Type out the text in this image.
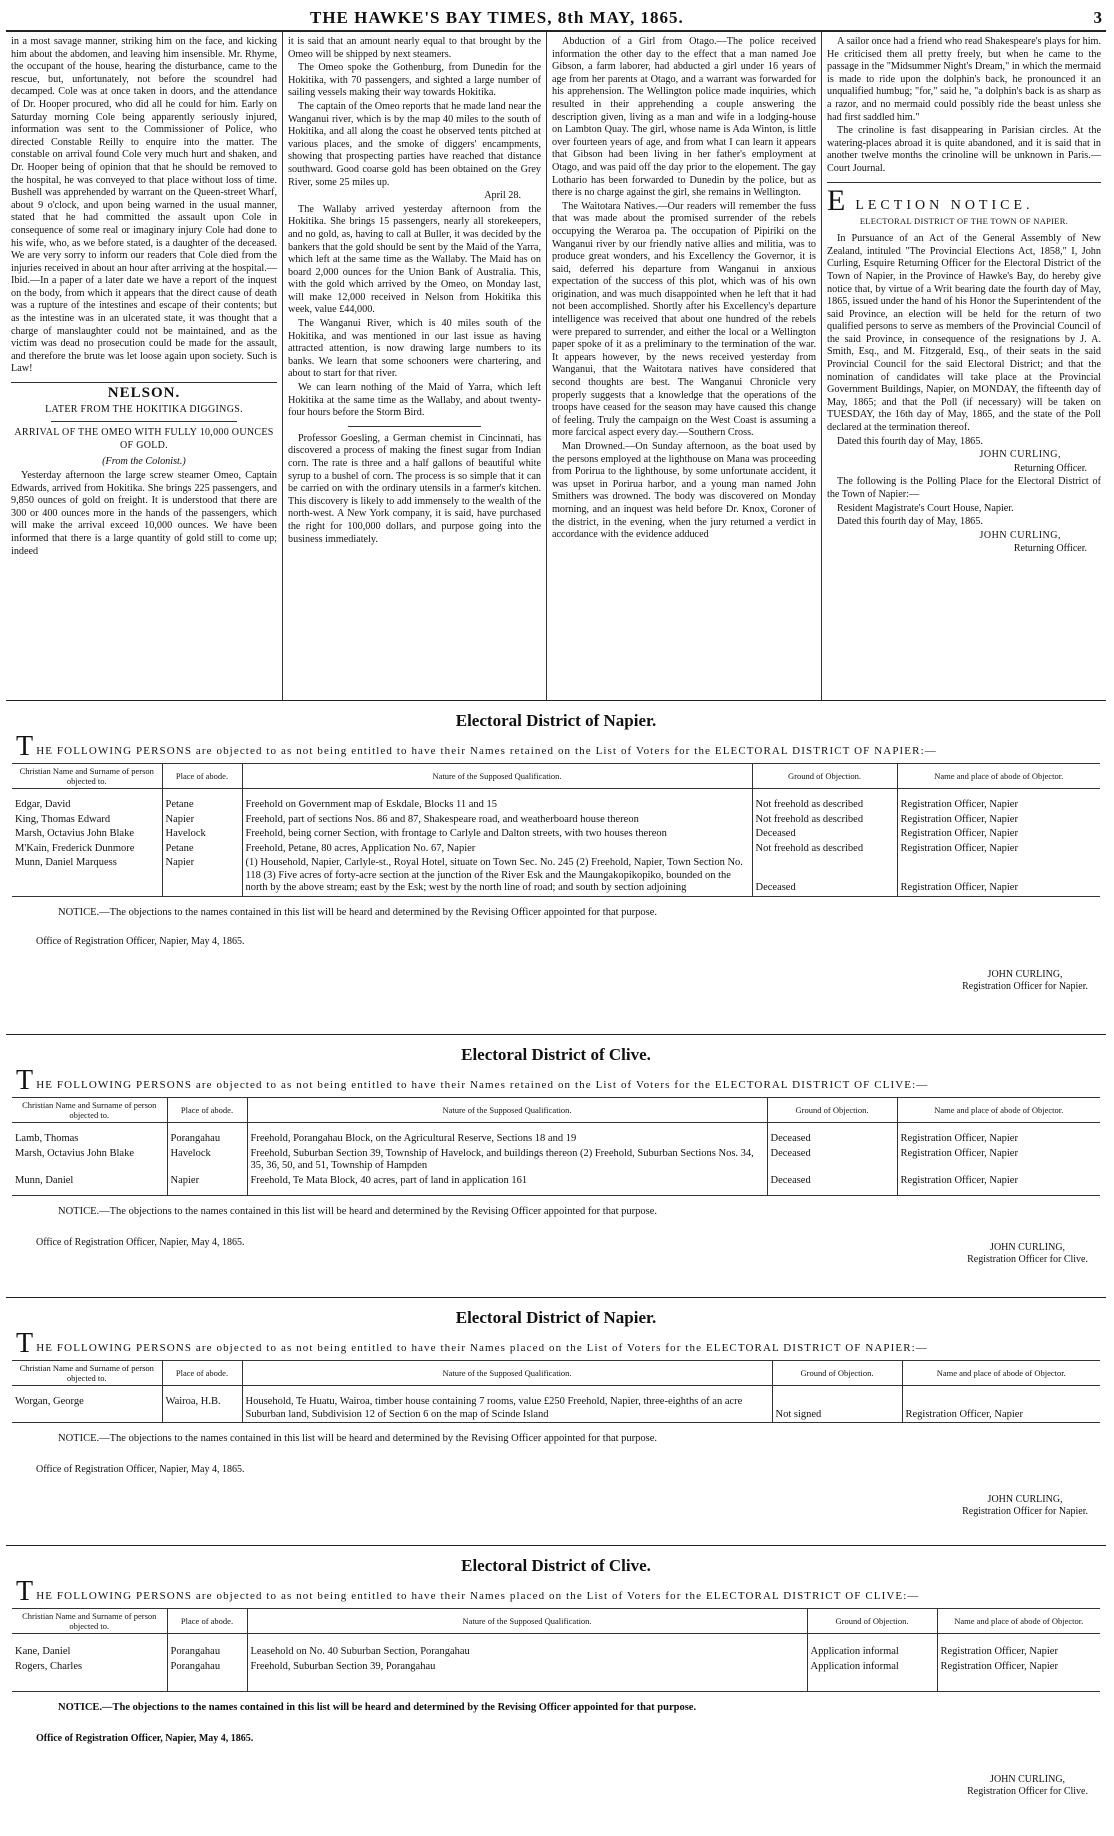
THE HAWKE'S BAY TIMES, 8th MAY, 1865.	3

in a most savage manner, striking him on the face, and kicking him about the abdomen, and leaving him insensible. Mr. Rhyme, the occupant of the house, hearing the disturbance, came to the rescue, but, unfortunately, not before the scoundrel had decamped. Cole was at once taken in doors, and the attendance of Dr. Hooper procured, who did all he could for him. Early on Saturday morning Cole being apparently seriously injured, information was sent to the Commissioner of Police, who directed Constable Reilly to enquire into the matter. The constable on arrival found Cole very much hurt and shaken, and Dr. Hooper being of opinion that that he should be removed to the hospital, he was conveyed to that place without loss of time. Bushell was apprehended by warrant on the Queen-street Wharf, about 9 o'clock, and upon being warned in the usual manner, stated that he had committed the assault upon Cole in consequence of some real or imaginary injury Cole had done to his wife, who, as we before stated, is a daughter of the deceased. We are very sorry to inform our readers that Cole died from the injuries received in about an hour after arriving at the hospital.—Ibid.—In a paper of a later date we have a report of the inquest on the body, from which it appears that the direct cause of death was a rupture of the intestines and escape of their contents; but as the intestine was in an ulcerated state, it was thought that a charge of manslaughter could not be maintained, and as the victim was dead no prosecution could be made for the assault, and therefore the brute was let loose again upon society. Such is Law!

NELSON.
LATER FROM THE HOKITIKA DIGGINGS.
ARRIVAL OF THE OMEO WITH FULLY 10,000 OUNCES OF GOLD.

(From the Colonist.)

Yesterday afternoon the large screw steamer Omeo, Captain Edwards, arrived from Hokitika. She brings 225 passengers, and 9,850 ounces of gold on freight. It is understood that there are 300 or 400 ounces more in the hands of the passengers, which will make the arrival exceed 10,000 ounces. We have been informed that there is a large quantity of gold still to come up; indeed

it is said that an amount nearly equal to that brought by the Omeo will be shipped by next steamers.

The Omeo spoke the Gothenburg, from Dunedin for the Hokitika, with 70 passengers, and sighted a large number of sailing vessels making their way towards Hokitika.

The captain of the Omeo reports that he made land near the Wanganui river, which is by the map 40 miles to the south of Hokitika, and all along the coast he observed tents pitched at various places, and the smoke of diggers' encampments, showing that prospecting parties have reached that distance southward. Good coarse gold has been obtained on the Grey River, some 25 miles up.

April 28.

The Wallaby arrived yesterday afternoon from the Hokitika. She brings 15 passengers, nearly all storekeepers, and no gold, as, having to call at Buller, it was decided by the bankers that the gold should be sent by the Maid of the Yarra, which left at the same time as the Wallaby. The Maid has on board 2,000 ounces for the Union Bank of Australia. This, with the gold which arrived by the Omeo, on Monday last, will make 12,000 received in Nelson from Hokitika this week, value £44,000.

The Wanganui River, which is 40 miles south of the Hokitika, and was mentioned in our last issue as having attracted attention, is now drawing large numbers to its banks. We learn that some schooners were chartering, and about to start for that river.

We can learn nothing of the Maid of Yarra, which left Hokitika at the same time as the Wallaby, and about twenty-four hours before the Storm Bird.

Professor Goesling, a German chemist in Cincinnati, has discovered a process of making the finest sugar from Indian corn. The rate is three and a half gallons of beautiful white syrup to a bushel of corn. The process is so simple that it can be carried on with the ordinary utensils in a farmer's kitchen. This discovery is likely to add immensely to the wealth of the north-west. A New York company, it is said, have purchased the right for 100,000 dollars, and purpose going into the business immediately.

Abduction of a Girl from Otago.—The police received information the other day to the effect that a man named Joe Gibson, a farm laborer, had abducted a girl under 16 years of age from her parents at Otago, and a warrant was forwarded for his apprehension. The Wellington police made inquiries, which resulted in their apprehending a couple answering the description given, living as a man and wife in a lodging-house on Lambton Quay. The girl, whose name is Ada Winton, is little over fourteen years of age, and from what I can learn it appears that Gibson had been living in her father's employment at Otago, and was paid off the day prior to the elopement. The gay Lothario has been forwarded to Dunedin by the police, but as there is no charge against the girl, she remains in Wellington.

The Waitotara Natives.—Our readers will remember the fuss that was made about the promised surrender of the rebels occupying the Weraroa pa. The occupation of Pipiriki on the Wanganui river by our friendly native allies and militia, was to produce great wonders, and his Excellency the Governor, it is said, deferred his departure from Wanganui in anxious expectation of the success of this plot, which was of his own origination, and was much disappointed when he left that it had not been accomplished. Shortly after his Excellency's departure intelligence was received that about one hundred of the rebels were prepared to surrender, and either the local or a Wellington paper spoke of it as a preliminary to the termination of the war. It appears however, by the news received yesterday from Wanganui, that the Waitotara natives have considered that second thoughts are best. The Wanganui Chronicle very properly suggests that a knowledge that the operations of the troops have ceased for the season may have caused this change of feeling. Truly the campaign on the West Coast is assuming a more farcical aspect every day.—Southern Cross.

Man Drowned.—On Sunday afternoon, as the boat used by the persons employed at the lighthouse on Mana was proceeding from Porirua to the lighthouse, by some unfortunate accident, it was upset in Porirua harbor, and a young man named John Smithers was drowned. The body was discovered on Monday morning, and an inquest was held before Dr. Knox, Coroner of the district, in the evening, when the jury returned a verdict in accordance with the evidence adduced

A sailor once had a friend who read Shakespeare's plays for him. He criticised them all pretty freely, but when he came to the passage in the "Midsummer Night's Dream," in which the mermaid is made to ride upon the dolphin's back, he pronounced it an unqualified humbug; "for," said he, "a dolphin's back is as sharp as a razor, and no mermaid could possibly ride the beast unless she had first saddled him."

The crinoline is fast disappearing in Parisian circles. At the watering-places abroad it is quite abandoned, and it is said that in another twelve months the crinoline will be unknown in Paris.—Court Journal.

E LECTION NOTICE.
ELECTORAL DISTRICT OF THE TOWN OF NAPIER.

In Pursuance of an Act of the General Assembly of New Zealand, intituled "The Provincial Elections Act, 1858," I, John Curling, Esquire Returning Officer for the Electoral District of the Town of Napier, in the Province of Hawke's Bay, do hereby give notice that, by virtue of a Writ bearing date the fourth day of May, 1865, issued under the hand of his Honor the Superintendent of the said Province, an election will be held for the return of two qualified persons to serve as members of the Provincial Council of the said Province, in consequence of the resignations by J. A. Smith, Esq., and M. Fitzgerald, Esq., of their seats in the said Provincial Council for the said Electoral District; and that the nomination of candidates will take place at the Provincial Government Buildings, Napier, on MONDAY, the fifteenth day of May, 1865; and that the Poll (if necessary) will be taken on TUESDAY, the 16th day of May, 1865, and the state of the Poll declared at the termination thereof.

Dated this fourth day of May, 1865.

JOHN CURLING,

Returning Officer.

The following is the Polling Place for the Electoral District of the Town of Napier:—

Resident Magistrate's Court House, Napier.

Dated this fourth day of May, 1865.

JOHN CURLING,

Returning Officer.

Electoral District of Napier.
T HE FOLLOWING PERSONS are objected to as not being entitled to have their Names retained on the List of Voters for the ELECTORAL DISTRICT OF NAPIER:—
Christian Name and Surname of person objected to.	Place of abode.	Nature of the Supposed Qualification.	Ground of Objection.	Name and place of abode of Objector.
Edgar, David	Petane	Freehold on Government map of Eskdale, Blocks 11 and 15	Not freehold as described	Registration Officer, Napier
King, Thomas Edward	Napier	Freehold, part of sections Nos. 86 and 87, Shakespeare road, and weatherboard house thereon	Not freehold as described	Registration Officer, Napier
Marsh, Octavius John Blake	Havelock	Freehold, being corner Section, with frontage to Carlyle and Dalton streets, with two houses thereon	Deceased	Registration Officer, Napier
M'Kain, Frederick Dunmore	Petane	Freehold, Petane, 80 acres, Application No. 67, Napier	Not freehold as described	Registration Officer, Napier
Munn, Daniel Marquess	Napier	(1) Household, Napier, Carlyle-st., Royal Hotel, situate on Town Sec. No. 245 (2) Freehold, Napier, Town Section No. 118 (3) Five acres of forty-acre section at the junction of the River Esk and the Maungakopikopiko, bounded on the north by the above stream; east by the Esk; west by the north line of road; and south by section adjoining	Deceased	Registration Officer, Napier
NOTICE.—The objections to the names contained in this list will be heard and determined by the Revising Officer appointed for that purpose.
JOHN CURLING,
Registration Officer for Napier.
Office of Registration Officer, Napier, May 4, 1865.
Electoral District of Clive.
T HE FOLLOWING PERSONS are objected to as not being entitled to have their Names retained on the List of Voters for the ELECTORAL DISTRICT OF CLIVE:—
Christian Name and Surname of person objected to.	Place of abode.	Nature of the Supposed Qualification.	Ground of Objection.	Name and place of abode of Objector.
Lamb, Thomas	Porangahau	Freehold, Porangahau Block, on the Agricultural Reserve, Sections 18 and 19	Deceased	Registration Officer, Napier
Marsh, Octavius John Blake	Havelock	Freehold, Suburban Section 39, Township of Havelock, and buildings thereon (2) Freehold, Suburban Sections Nos. 34, 35, 36, 50, and 51, Township of Hampden	Deceased	Registration Officer, Napier
Munn, Daniel	Napier	Freehold, Te Mata Block, 40 acres, part of land in application 161	Deceased	Registration Officer, Napier
NOTICE.—The objections to the names contained in this list will be heard and determined by the Revising Officer appointed for that purpose.
JOHN CURLING,
Registration Officer for Clive.
Office of Registration Officer, Napier, May 4, 1865.
Electoral District of Napier.
T HE FOLLOWING PERSONS are objected to as not being entitled to have their Names placed on the List of Voters for the ELECTORAL DISTRICT OF NAPIER:—
Christian Name and Surname of person objected to.	Place of abode.	Nature of the Supposed Qualification.	Ground of Objection.	Name and place of abode of Objector.
Worgan, George	Wairoa, H.B.	Household, Te Huatu, Wairoa, timber house containing 7 rooms, value £250 Freehold, Napier, three-eighths of an acre Suburban land, Subdivision 12 of Section 6 on the map of Scinde Island	Not signed	Registration Officer, Napier
NOTICE.—The objections to the names contained in this list will be heard and determined by the Revising Officer appointed for that purpose.
JOHN CURLING,
Registration Officer for Napier.
Office of Registration Officer, Napier, May 4, 1865.
Electoral District of Clive.
T HE FOLLOWING PERSONS are objected to as not being entitled to have their Names placed on the List of Voters for the ELECTORAL DISTRICT OF CLIVE:—
Christian Name and Surname of person objected to.	Place of abode.	Nature of the Supposed Qualification.	Ground of Objection.	Name and place of abode of Objector.
Kane, Daniel	Porangahau	Leasehold on No. 40 Suburban Section, Porangahau	Application informal	Registration Officer, Napier
Rogers, Charles	Porangahau	Freehold, Suburban Section 39, Porangahau	Application informal	Registration Officer, Napier
NOTICE.—The objections to the names contained in this list will be heard and determined by the Revising Officer appointed for that purpose.
JOHN CURLING,
Registration Officer for Clive.
Office of Registration Officer, Napier, May 4, 1865.
